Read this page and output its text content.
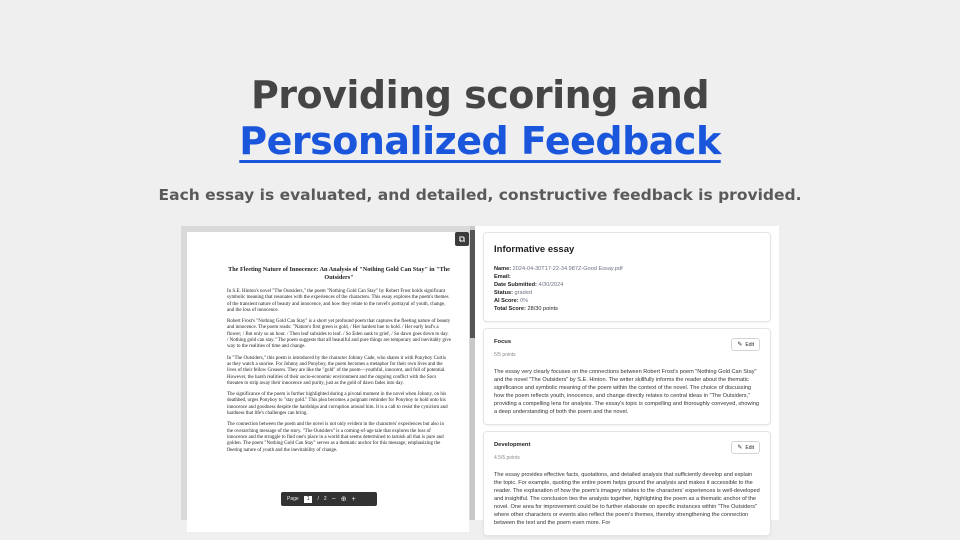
Providing scoring and
Personalized Feedback
Each essay is evaluated, and detailed, constructive feedback is provided.
The Fleeting Nature of Innocence: An Analysis of "Nothing Gold Can Stay" in "The Outsiders"

In S.E. Hinton's novel "The Outsiders," the poem "Nothing Gold Can Stay" by Robert Frost holds significant symbolic meaning that resonates with the experiences of the characters. This essay explores the poem's themes of the transient nature of beauty and innocence, and how they relate to the novel's portrayal of youth, change, and the loss of innocence.

Robert Frost's "Nothing Gold Can Stay" is a short yet profound poem that captures the fleeting nature of beauty and innocence. The poem reads: "Nature's first green is gold, / Her hardest hue to hold. / Her early leaf's a flower; / But only so an hour. / Then leaf subsides to leaf. / So Eden sank to grief, / So dawn goes down to day. / Nothing gold can stay." The poem suggests that all beautiful and pure things are temporary and inevitably give way to the realities of time and change.

In "The Outsiders," this poem is introduced by the character Johnny Cade, who shares it with Ponyboy Curtis as they watch a sunrise. For Johnny and Ponyboy, the poem becomes a metaphor for their own lives and the lives of their fellow Greasers. They are like the "gold" of the poem—youthful, innocent, and full of potential. However, the harsh realities of their socio-economic environment and the ongoing conflict with the Socs threaten to strip away their innocence and purity, just as the gold of dawn fades into day.

The significance of the poem is further highlighted during a pivotal moment in the novel when Johnny, on his deathbed, urges Ponyboy to "stay gold." This plea becomes a poignant reminder for Ponyboy to hold onto his innocence and goodness despite the hardships and corruption around him. It is a call to resist the cynicism and hardness that life's challenges can bring.

The connection between the poem and the novel is not only evident in the characters' experiences but also in the overarching message of the story. "The Outsiders" is a coming-of-age tale that explores the loss of innocence and the struggle to find one's place in a world that seems determined to tarnish all that is pure and golden. The poem "Nothing Gold Can Stay" serves as a thematic anchor for this message, emphasizing the fleeting nature of youth and the inevitability of change.

⧉
Page	1	/ 2 − ⊕ +
Informative essay
Name: 2024-04-30T17-22-34.987Z-Good Essay.pdf
Email:
Date Submitted: 4/30/2024
Status: graded
AI Score: 0%
Total Score: 28/30 points
Focus	✎ Edit
5/5 points
The essay very clearly focuses on the connections between Robert Frost's poem "Nothing Gold Can Stay" and the novel "The Outsiders" by S.E. Hinton. The writer skillfully informs the reader about the thematic significance and symbolic meaning of the poem within the context of the novel. The choice of discussing how the poem reflects youth, innocence, and change directly relates to central ideas in "The Outsiders," providing a compelling lens for analysis. The essay's topic is compelling and thoroughly conveyed, showing a deep understanding of both the poem and the novel.
Development	✎ Edit
4.5/5 points
The essay provides effective facts, quotations, and detailed analysis that sufficiently develop and explain the topic. For example, quoting the entire poem helps ground the analysis and makes it accessible to the reader. The explanation of how the poem's imagery relates to the characters' experiences is well-developed and insightful. The conclusion ties the analysis together, highlighting the poem as a thematic anchor of the novel. One area for improvement could be to further elaborate on specific instances within "The Outsiders" where other characters or events also reflect the poem's themes, thereby strengthening the connection between the text and the poem even more. For
